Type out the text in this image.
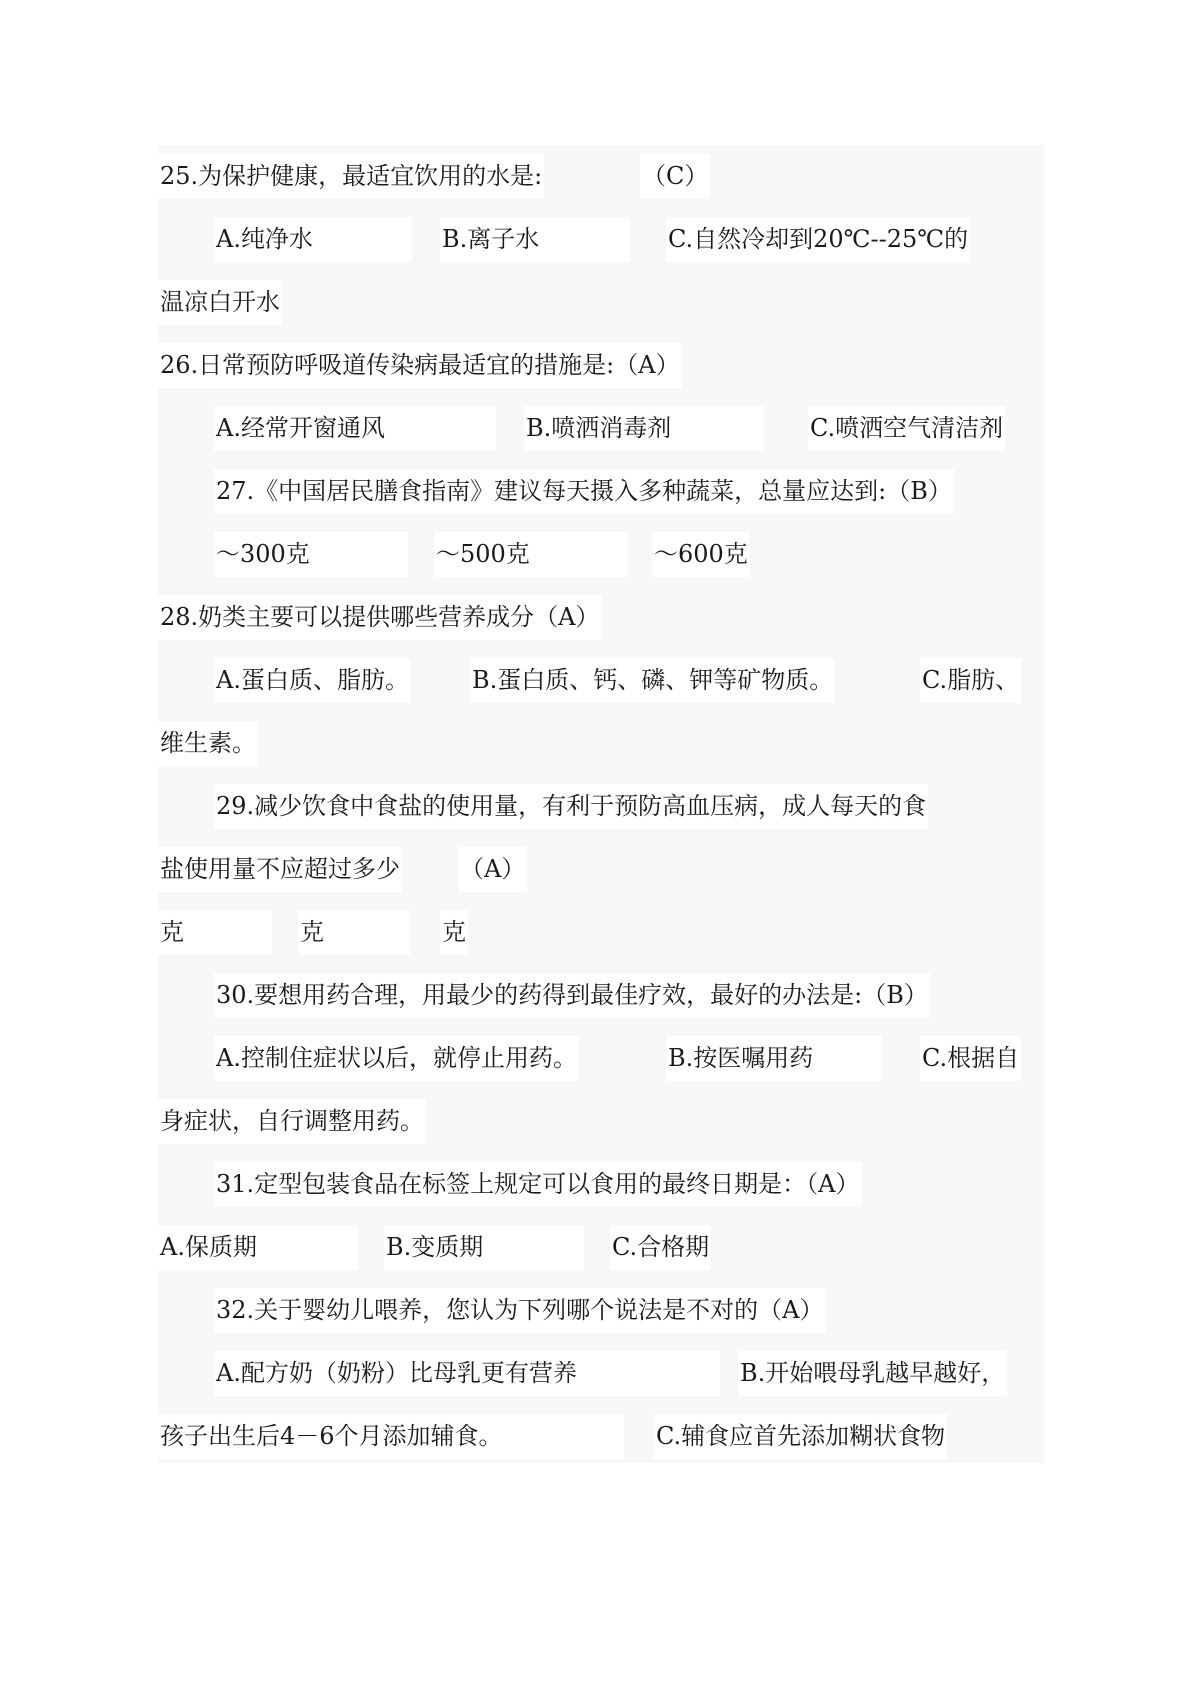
25.为保护健康，最适宜饮用的水是:	（C）
A.纯净水	B.离子水	C.自然冷却到20℃--25℃的
温凉白开水
26.日常预防呼吸道传染病最适宜的措施是:（A）
A.经常开窗通风	B.喷洒消毒剂	C.喷洒空气清洁剂
27.《中国居民膳食指南》建议每天摄入多种蔬菜，总量应达到:（B）
～300克	～500克	～600克
28.奶类主要可以提供哪些营养成分（A）
A.蛋白质、脂肪。	B.蛋白质、钙、磷、钾等矿物质。	C.脂肪、
维生素。
29.减少饮食中食盐的使用量，有利于预防高血压病，成人每天的食
盐使用量不应超过多少	（A）
克	克	克
30.要想用药合理，用最少的药得到最佳疗效，最好的办法是:（B）
A.控制住症状以后，就停止用药。	B.按医嘱用药	C.根据自
身症状，自行调整用药。
31.定型包装食品在标签上规定可以食用的最终日期是：（A）
A.保质期	B.变质期	C.合格期
32.关于婴幼儿喂养，您认为下列哪个说法是不对的（A）
A.配方奶（奶粉）比母乳更有营养	B.开始喂母乳越早越好，
孩子出生后4－6个月添加辅食。	C.辅食应首先添加糊状食物
